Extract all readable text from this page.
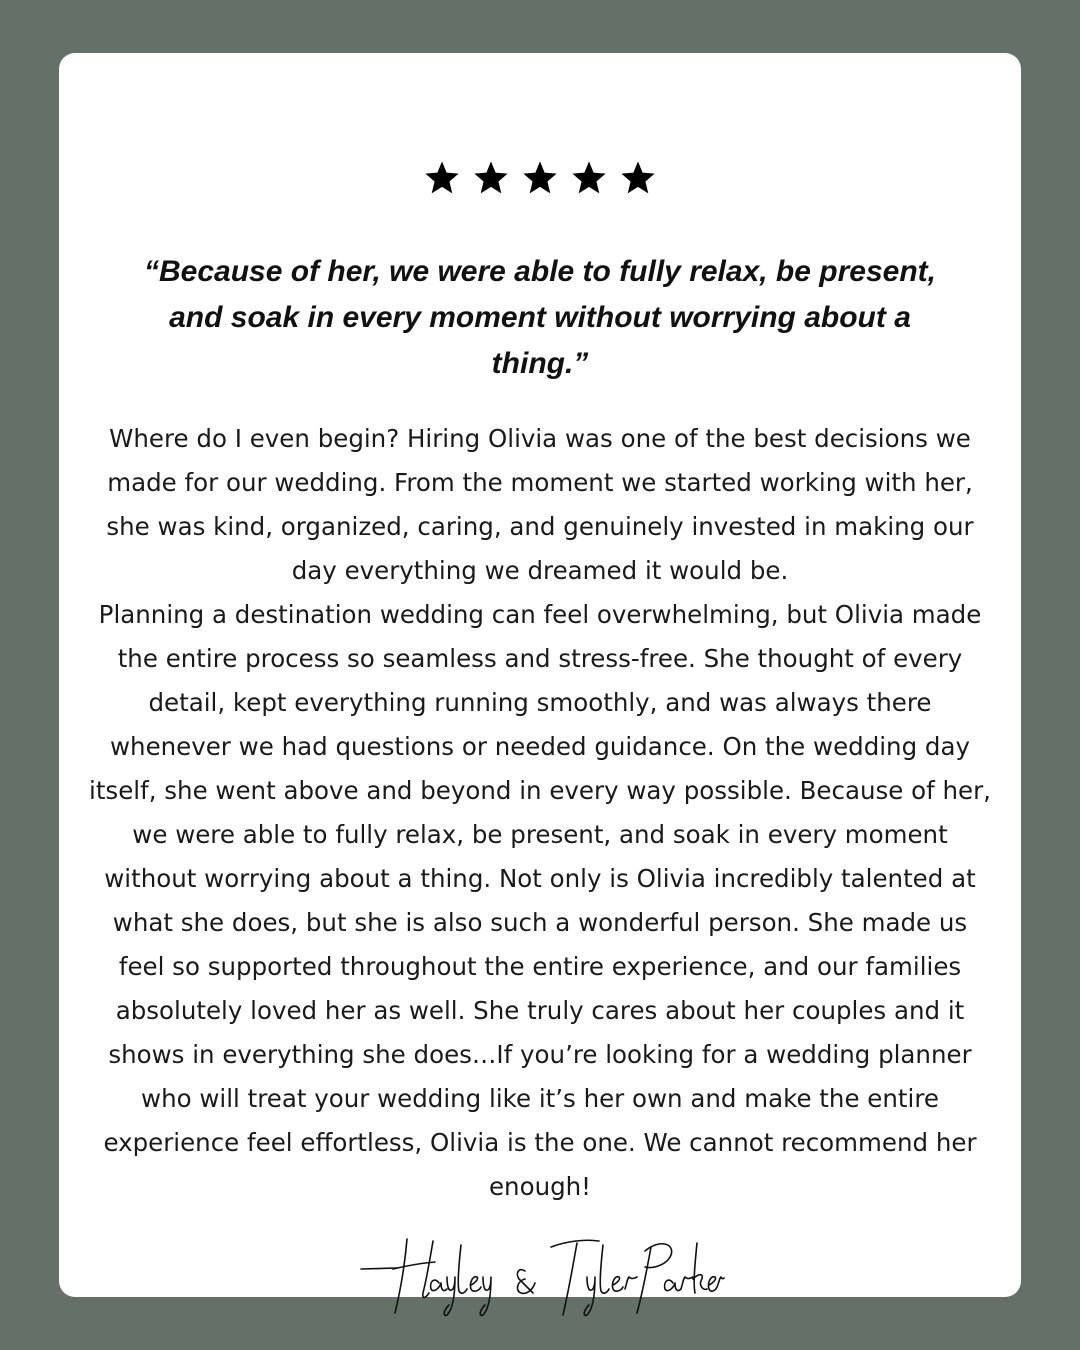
“Because of her, we were able to fully relax, be present, and soak in every moment without worrying about a thing.”

Where do I even begin? Hiring Olivia was one of the best decisions we made for our wedding. From the moment we started working with her, she was kind, organized, caring, and genuinely invested in making our day everything we dreamed it would be.

Planning a destination wedding can feel overwhelming, but Olivia made the entire process so seamless and stress-free. She thought of every detail, kept everything running smoothly, and was always there whenever we had questions or needed guidance. On the wedding day itself, she went above and beyond in every way possible. Because of her, we were able to fully relax, be present, and soak in every moment without worrying about a thing. Not only is Olivia incredibly talented at what she does, but she is also such a wonderful person. She made us feel so supported throughout the entire experience, and our families absolutely loved her as well. She truly cares about her couples and it shows in everything she does…If you’re looking for a wedding planner who will treat your wedding like it’s her own and make the entire experience feel effortless, Olivia is the one. We cannot recommend her enough!
